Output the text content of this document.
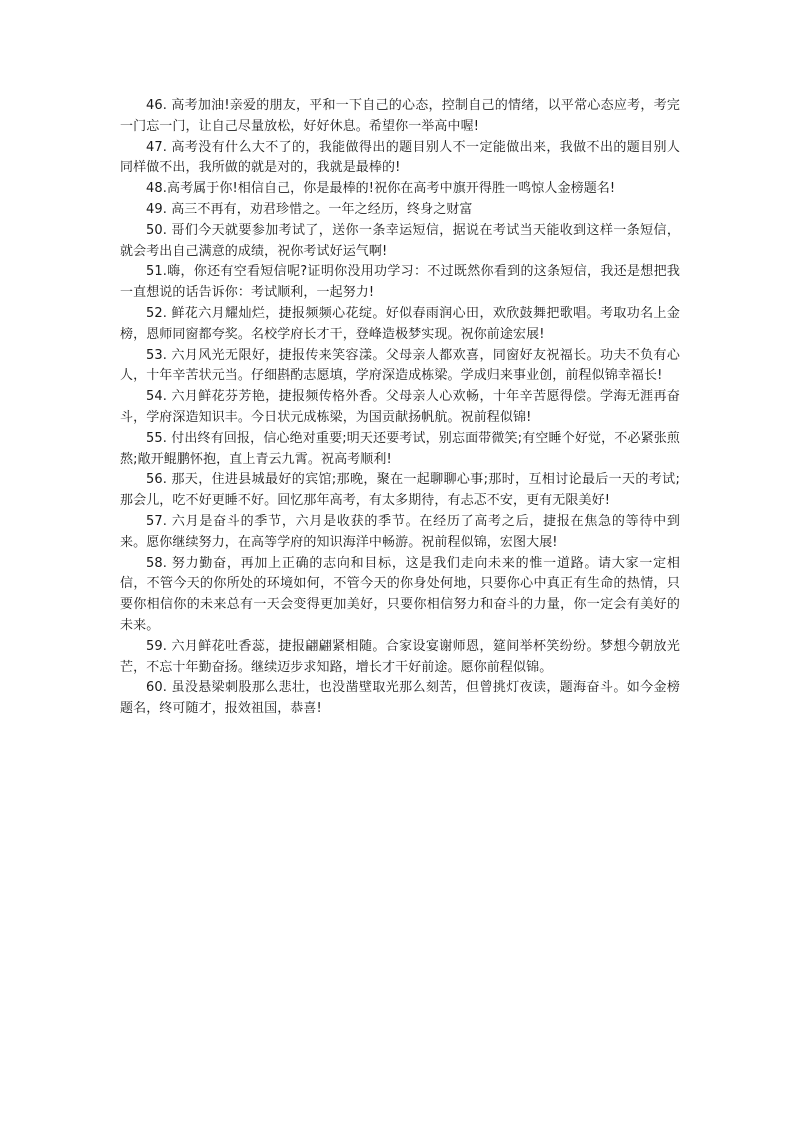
46. 高考加油!亲爱的朋友，平和一下自己的心态，控制自己的情绪，以平常心态应考，考完一门忘一门，让自己尽量放松，好好休息。希望你一举高中喔!

47. 高考没有什么大不了的，我能做得出的题目别人不一定能做出来，我做不出的题目别人同样做不出，我所做的就是对的，我就是最棒的!

48.高考属于你!相信自己，你是最棒的!祝你在高考中旗开得胜一鸣惊人金榜题名!

49. 高三不再有，劝君珍惜之。一年之经历，终身之财富

50. 哥们今天就要参加考试了，送你一条幸运短信，据说在考试当天能收到这样一条短信，就会考出自己满意的成绩，祝你考试好运气啊!

51.嗨，你还有空看短信呢?证明你没用功学习：不过既然你看到的这条短信，我还是想把我一直想说的话告诉你：考试顺利，一起努力!

52. 鲜花六月耀灿烂，捷报频频心花绽。好似春雨润心田，欢欣鼓舞把歌唱。考取功名上金榜，恩师同窗都夸奖。名校学府长才干，登峰造极梦实现。祝你前途宏展!

53. 六月风光无限好，捷报传来笑容漾。父母亲人都欢喜，同窗好友祝福长。功夫不负有心人，十年辛苦状元当。仔细斟酌志愿填，学府深造成栋梁。学成归来事业创，前程似锦幸福长!

54. 六月鲜花芬芳艳，捷报频传格外香。父母亲人心欢畅，十年辛苦愿得偿。学海无涯再奋斗，学府深造知识丰。今日状元成栋梁，为国贡献扬帆航。祝前程似锦!

55. 付出终有回报，信心绝对重要;明天还要考试，别忘面带微笑;有空睡个好觉，不必紧张煎熬;敞开鲲鹏怀抱，直上青云九霄。祝高考顺利!

56. 那天，住进县城最好的宾馆;那晚，聚在一起聊聊心事;那时，互相讨论最后一天的考试;那会儿，吃不好更睡不好。回忆那年高考，有太多期待，有忐忑不安，更有无限美好!

57. 六月是奋斗的季节，六月是收获的季节。在经历了高考之后，捷报在焦急的等待中到来。愿你继续努力，在高等学府的知识海洋中畅游。祝前程似锦，宏图大展!

58. 努力勤奋，再加上正确的志向和目标，这是我们走向未来的惟一道路。请大家一定相信，不管今天的你所处的环境如何，不管今天的你身处何地，只要你心中真正有生命的热情，只要你相信你的未来总有一天会变得更加美好，只要你相信努力和奋斗的力量，你一定会有美好的未来。

59. 六月鲜花吐香蕊，捷报翩翩紧相随。合家设宴谢师恩，筵间举杯笑纷纷。梦想今朝放光芒，不忘十年勤奋扬。继续迈步求知路，增长才干好前途。愿你前程似锦。

60. 虽没悬梁刺股那么悲壮，也没凿壁取光那么刻苦，但曾挑灯夜读，题海奋斗。如今金榜题名，终可随才，报效祖国，恭喜!
